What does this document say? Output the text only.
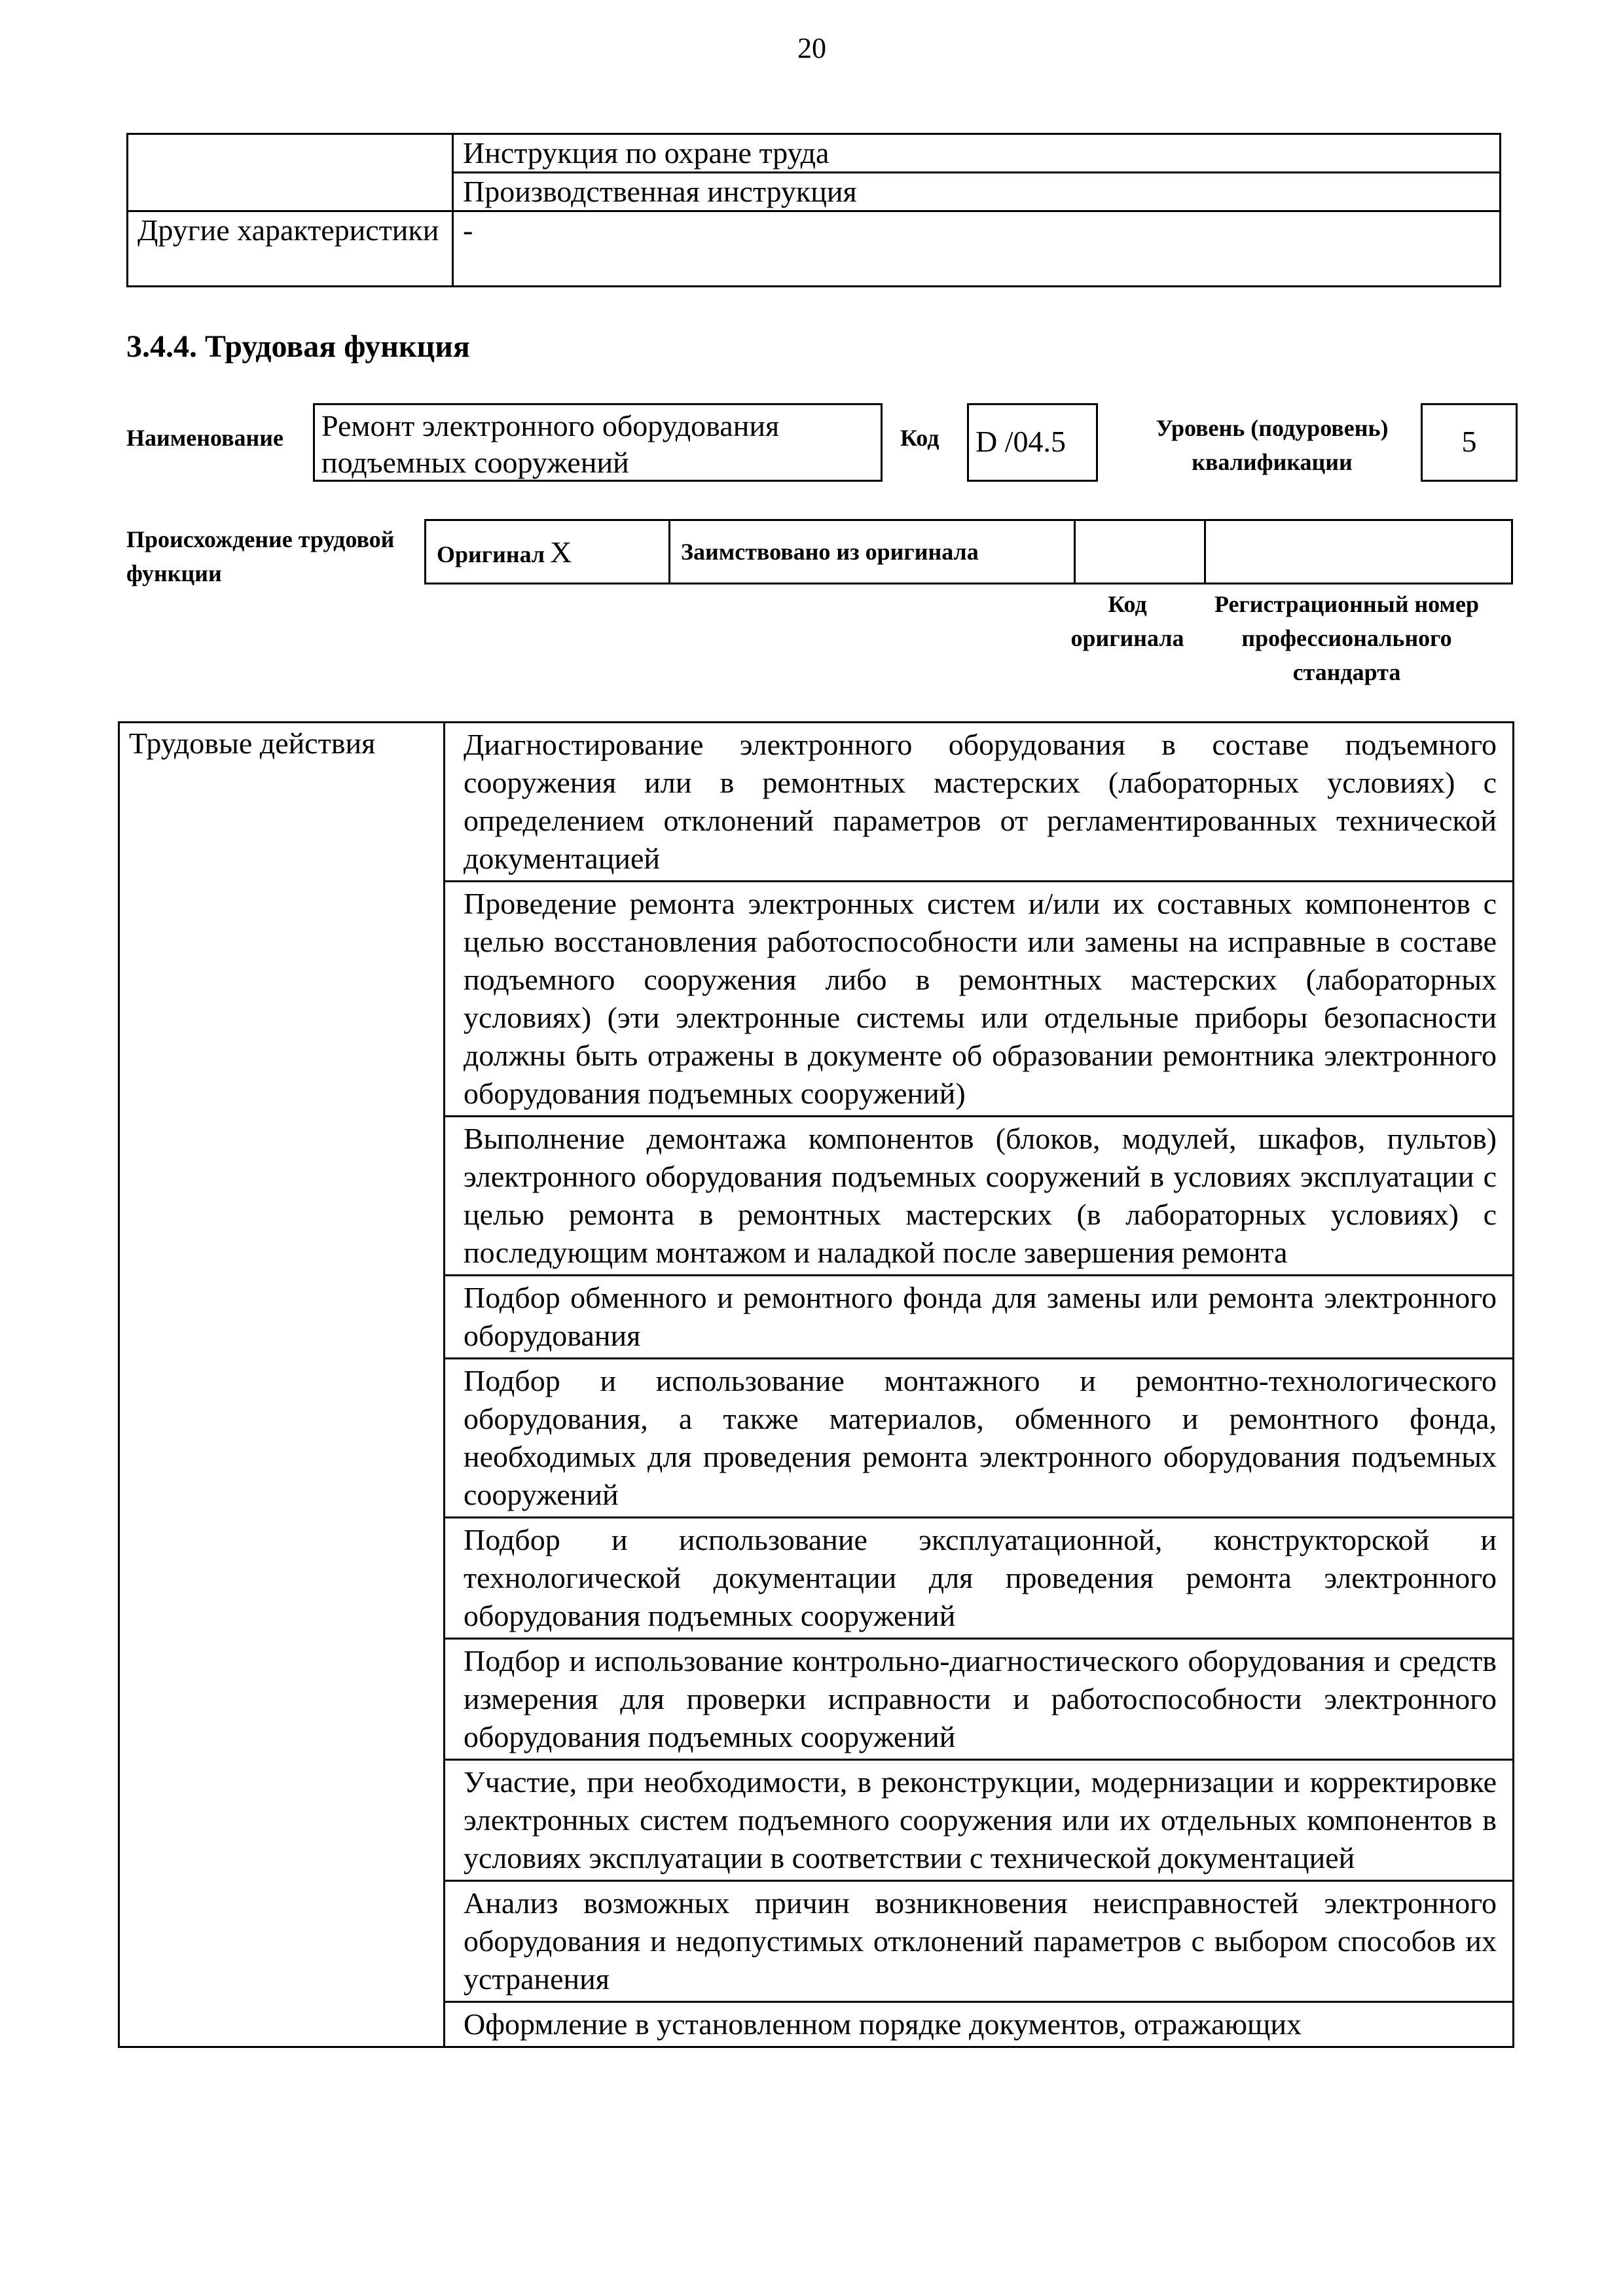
20
	Инструкция по охране труда
	Производственная инструкция
Другие характеристики	-
3.4.4. Трудовая функция
Наименование Ремонт электронного оборудования подъемных сооружений
Код D /04.5	Уровень (подуровень) квалификации
5
Происхождение трудовой функции
Оригинал X	Заимствовано из оригинала		
Код оригинала
Регистрационный номер профессионального стандарта
Трудовые действия	Диагностирование электронного оборудования в составе подъемного сооружения или в ремонтных мастерских (лабораторных условиях) с определением отклонений параметров от регламентированных технической документацией
Проведение ремонта электронных систем и/или их составных компонентов с целью восстановления работоспособности или замены на исправные в составе подъемного сооружения либо в ремонтных мастерских (лабораторных условиях) (эти электронные системы или отдельные приборы безопасности должны быть отражены в документе об образовании ремонтника электронного оборудования подъемных сооружений)
Выполнение демонтажа компонентов (блоков, модулей, шкафов, пультов) электронного оборудования подъемных сооружений в условиях эксплуатации с целью ремонта в ремонтных мастерских (в лабораторных условиях) с последующим монтажом и наладкой после завершения ремонта
Подбор обменного и ремонтного фонда для замены или ремонта электронного оборудования
Подбор и использование монтажного и ремонтно-технологического оборудования, а также материалов, обменного и ремонтного фонда, необходимых для проведения ремонта электронного оборудования подъемных сооружений
Подбор и использование эксплуатационной, конструкторской и технологической документации для проведения ремонта электронного оборудования подъемных сооружений
Подбор и использование контрольно-диагностического оборудования и средств измерения для проверки исправности и работоспособности электронного оборудования подъемных сооружений
Участие, при необходимости, в реконструкции, модернизации и корректировке электронных систем подъемного сооружения или их отдельных компонентов в условиях эксплуатации в соответствии с технической документацией
Анализ возможных причин возникновения неисправностей электронного оборудования и недопустимых отклонений параметров с выбором способов их устранения
Оформление в установленном порядке документов, отражающих
